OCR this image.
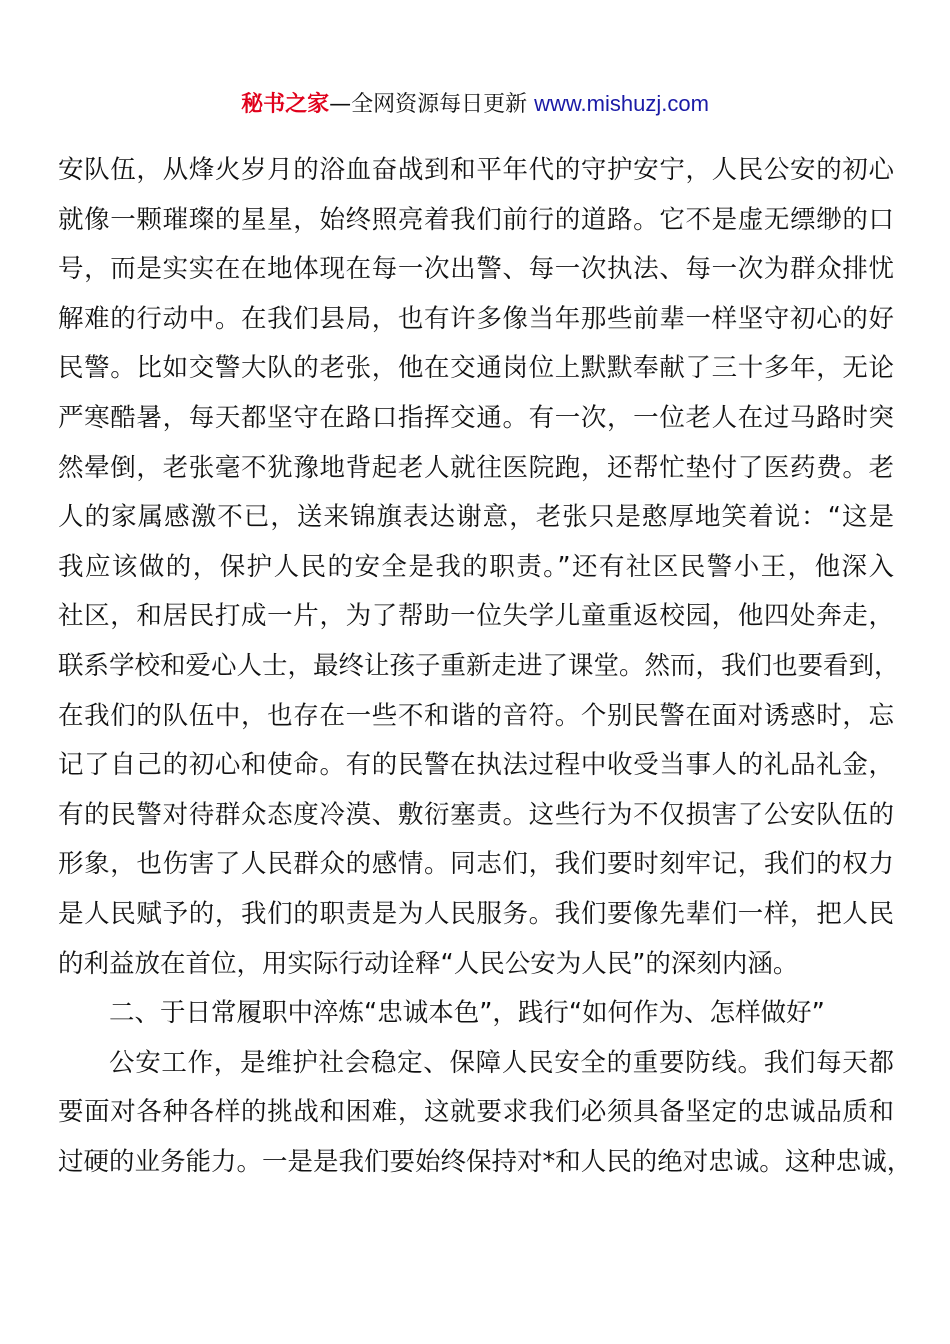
秘书之家—全网资源每日更新 www.mishuzj.com
安队伍，从烽火岁月的浴血奋战到和平年代的守护安宁，人民公安的初心
就像一颗璀璨的星星，始终照亮着我们前行的道路。它不是虚无缥缈的口
号，而是实实在在地体现在每一次出警、每一次执法、每一次为群众排忧
解难的行动中。在我们县局，也有许多像当年那些前辈一样坚守初心的好
民警。比如交警大队的老张，他在交通岗位上默默奉献了三十多年，无论
严寒酷暑，每天都坚守在路口指挥交通。有一次，一位老人在过马路时突
然晕倒，老张毫不犹豫地背起老人就往医院跑，还帮忙垫付了医药费。老
人的家属感激不已，送来锦旗表达谢意，老张只是憨厚地笑着说：“这是
我应该做的，保护人民的安全是我的职责。”还有社区民警小王，他深入
社区，和居民打成一片，为了帮助一位失学儿童重返校园，他四处奔走，
联系学校和爱心人士，最终让孩子重新走进了课堂。然而，我们也要看到，
在我们的队伍中，也存在一些不和谐的音符。个别民警在面对诱惑时，忘
记了自己的初心和使命。有的民警在执法过程中收受当事人的礼品礼金，
有的民警对待群众态度冷漠、敷衍塞责。这些行为不仅损害了公安队伍的
形象，也伤害了人民群众的感情。同志们，我们要时刻牢记，我们的权力
是人民赋予的，我们的职责是为人民服务。我们要像先辈们一样，把人民
的利益放在首位，用实际行动诠释“人民公安为人民”的深刻内涵。
二、于日常履职中淬炼“忠诚本色”，践行“如何作为、怎样做好”
公安工作，是维护社会稳定、保障人民安全的重要防线。我们每天都
要面对各种各样的挑战和困难，这就要求我们必须具备坚定的忠诚品质和
过硬的业务能力。一是是我们要始终保持对*和人民的绝对忠诚。这种忠诚，
